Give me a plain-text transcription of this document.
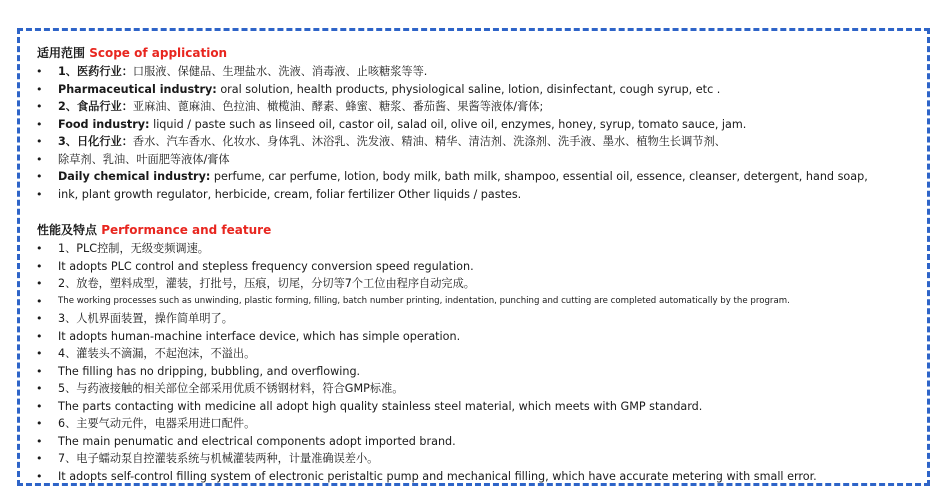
适用范围 Scope of application
• 1、医药行业：口服液、保健品、生理盐水、洗液、消毒液、止咳糖浆等等.
• Pharmaceutical industry: oral solution, health products, physiological saline, lotion, disinfectant, cough syrup, etc .
• 2、食品行业：亚麻油、蓖麻油、色拉油、橄榄油、酵素、蜂蜜、糖浆、番茄酱、果酱等液体/膏体;
• Food industry: liquid / paste such as linseed oil, castor oil, salad oil, olive oil, enzymes, honey, syrup, tomato sauce, jam.
• 3、日化行业：香水、汽车香水、化妆水、身体乳、沐浴乳、洗发液、精油、精华、清洁剂、洗涤剂、洗手液、墨水、植物生长调节剂、
• 除草剂、乳油、叶面肥等液体/膏体
• Daily chemical industry: perfume, car perfume, lotion, body milk, bath milk, shampoo, essential oil, essence, cleanser, detergent, hand soap,
• ink, plant growth regulator, herbicide, cream, foliar fertilizer Other liquids / pastes.
性能及特点 Performance and feature
• 1、PLC控制，无级变频调速。
• It adopts PLC control and stepless frequency conversion speed regulation.
• 2、放卷，塑料成型，灌装，打批号，压痕，切尾，分切等7个工位由程序自动完成。
• The working processes such as unwinding, plastic forming, filling, batch number printing, indentation, punching and cutting are completed automatically by the program.
• 3、人机界面装置，操作简单明了。
• It adopts human-machine interface device, which has simple operation.
• 4、灌装头不滴漏，不起泡沫，不溢出。
• The filling has no dripping, bubbling, and overflowing.
• 5、与药液接触的相关部位全部采用优质不锈钢材料，符合GMP标准。
• The parts contacting with medicine all adopt high quality stainless steel material, which meets with GMP standard.
• 6、主要气动元件，电器采用进口配件。
• The main penumatic and electrical components adopt imported brand.
• 7、电子蠕动泵自控灌装系统与机械灌装两种，计量准确误差小。
• It adopts self-control filling system of electronic peristaltic pump and mechanical filling, which have accurate metering with small error.
